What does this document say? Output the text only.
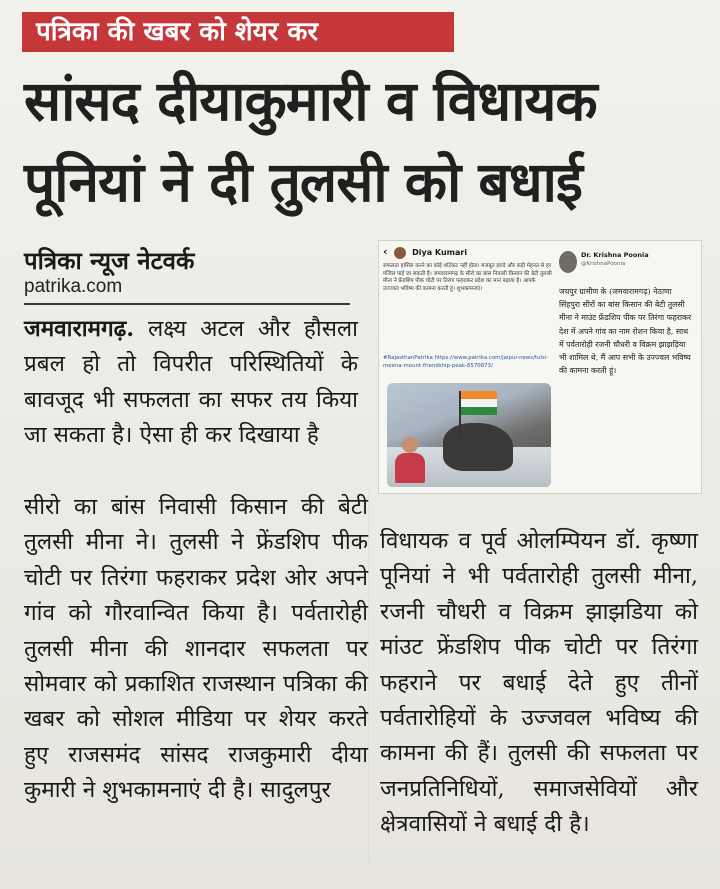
पत्रिका की खबर को शेयर कर
सांसद दीयाकुमारी व विधायक
पूनियां ने दी तुलसी को बधाई
पत्रिका न्यूज नेटवर्क
patrika.com
जमवारामगढ़. लक्ष्य अटल और हौसला प्रबल हो तो विपरीत परिस्थितियों के बावजूद भी सफलता का सफर तय किया जा सकता है। ऐसा ही कर दिखाया है
सीरो का बांस निवासी किसान की बेटी तुलसी मीना ने। तुलसी ने फ्रेंडशिप पीक चोटी पर तिरंगा फहराकर प्रदेश ओर अपने गांव को गौरवान्वित किया है। पर्वतारोही तुलसी मीना की शानदार सफलता पर सोमवार को प्रकाशित राजस्थान पत्रिका की खबर को सोशल मीडिया पर शेयर करते हुए राजसमंद सांसद राजकुमारी दीया कुमारी ने शुभकामनाएं दी है। सादुलपुर
विधायक व पूर्व ओलम्पियन डॉ. कृष्णा पूनियां ने भी पर्वतारोही तुलसी मीना, रजनी चौधरी व विक्रम झाझडिया को मांउट फ्रेंडशिप पीक चोटी पर तिरंगा फहराने पर बधाई देते हुए तीनों पर्वतारोहियों के उज्जवल भविष्य की कामना की हैं। तुलसी की सफलता पर जनप्रतिनिधियों, समाजसेवियों और क्षेत्रवासियों ने बधाई दी है।
‹	Diya Kumari
सफलता हासिल करने का कोई शॉर्टकट नहीं होता। मजबूत इरादे और कड़ी मेहनत से हर मंजिल पाई जा सकती है। जमवारामगढ़ के सीरो का बांस निवासी किसान की बेटी तुलसी मीना ने फ्रेंडशिप पीक चोटी पर तिरंगा फहराकर प्रदेश का मान बढ़ाया है। आपके उज्ज्वल भविष्य की कामना करती हूं। शुभकामनाएं।
#RajasthanPatrika https://www.patrika.com/jaipur-news/tulsi-meena-mount-friendship-peak-6570873/
Dr. Krishna Poonia
@KrishnaPoonia
जयपुर ग्रामीण के (जमवारामगढ़) नेठाणा सिंहपुरा सीरों का बांस किसान की बेटी तुलसी मीना ने माउंट फ्रेंडशिप पीक पर तिरंगा फहराकर देश में अपने गांव का नाम रोशन किया है, साथ में पर्वतारोही रजनी चौधरी व विक्रम झाझड़िया भी शामिल थे, मैं आप सभी के उज्ज्वल भविष्य की कामना करती हूं।
